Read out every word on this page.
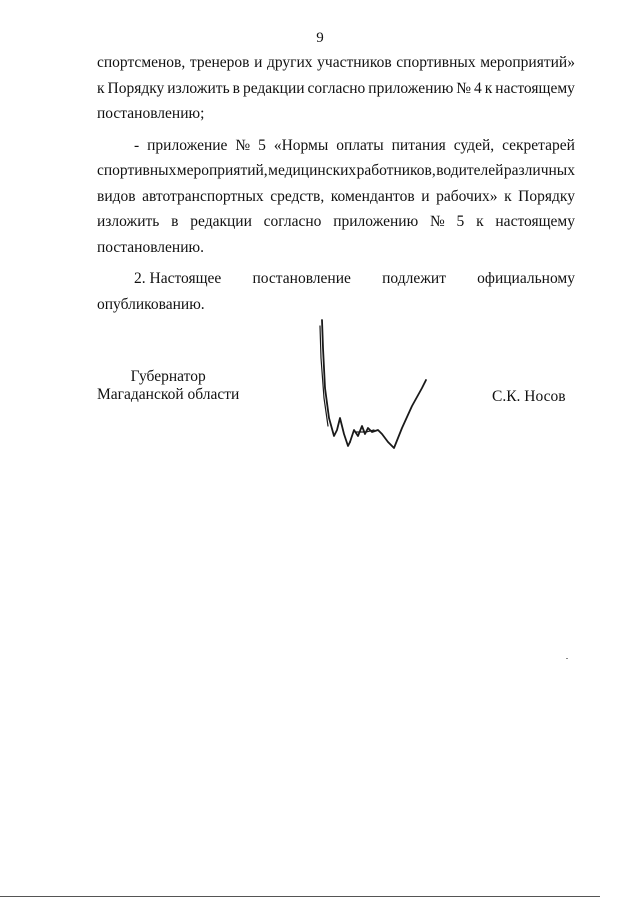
9
спортсменов, тренеров и других участников спортивных мероприятий»
к Порядку изложить в редакции согласно приложению № 4 к настоящему
постановлению;
- приложение № 5 «Нормы оплаты питания судей, секретарей
спортивных мероприятий, медицинских работников, водителей различных
видов автотранспортных средств, комендантов и рабочих» к Порядку
изложить в редакции согласно приложению № 5 к настоящему
постановлению.
2. Настоящее постановление подлежит официальному
опубликованию.
Губернатор
Магаданской области	С.К. Носов
